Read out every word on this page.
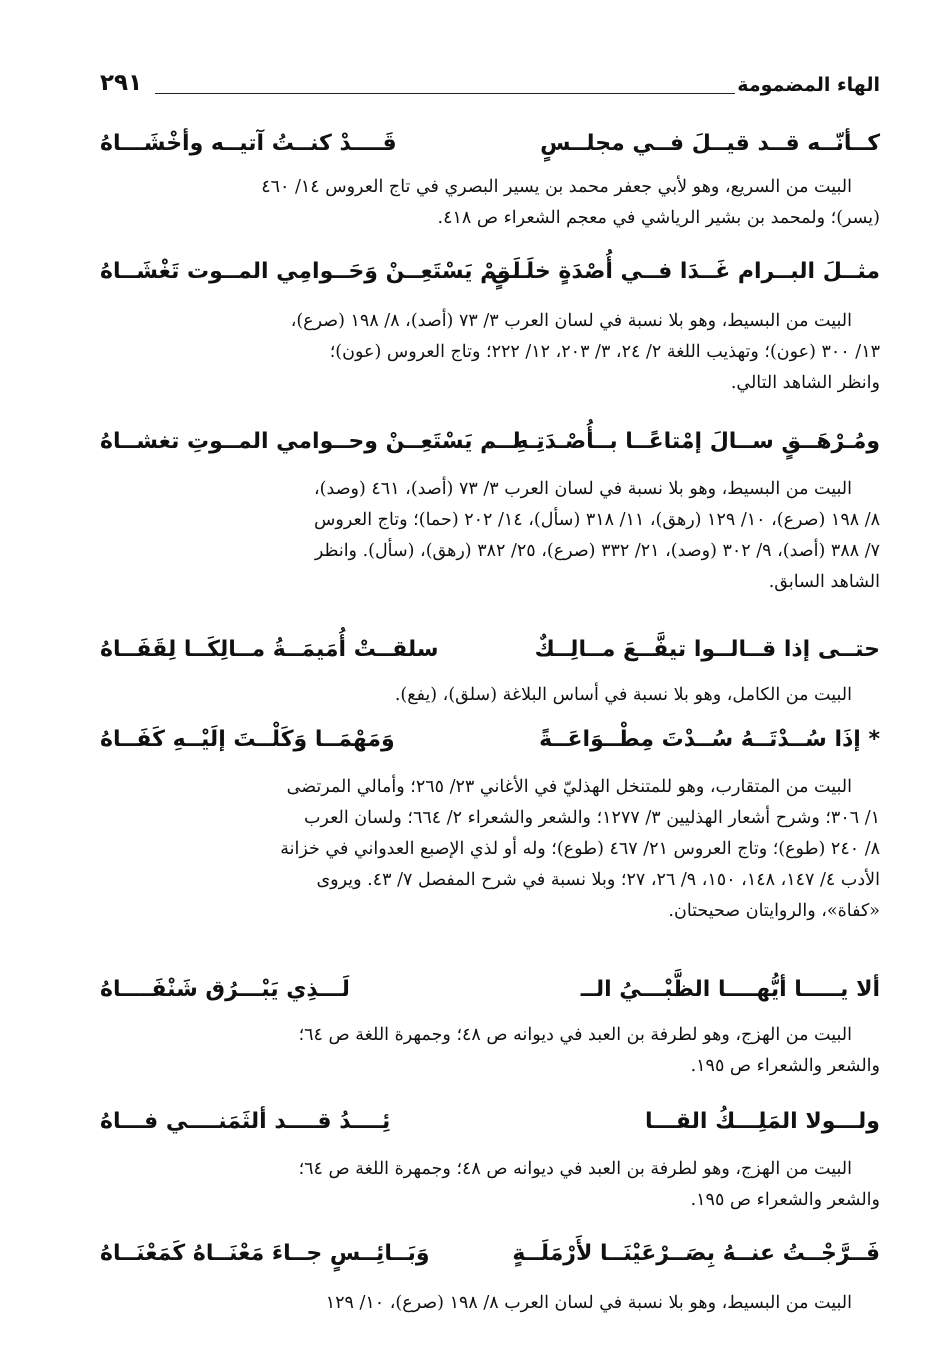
الهاء المضمومة
٢٩١
كــأنّــه قــد قيــلَ فــي مجلــسٍ
قَــــدْ كنــتُ آتيــه وأخْشَـــاهُ
البيت من السريع، وهو لأبي جعفر محمد بن يسير البصري في تاج العروس ١٤/ ٤٦٠
(يسر)؛ ولمحمد بن بشير الرياشي في معجم الشعراء ص ٤١٨.
مثــلَ البــرام غَــدَا فــي أُصْدَةٍ خلَــقٍ
لَــمْ يَسْتَعِــنْ وَحَــوامِي المــوت تَغْشَــاهُ
البيت من البسيط، وهو بلا نسبة في لسان العرب ٣/ ٧٣ (أصد)، ٨/ ١٩٨ (صرع)،
١٣/ ٣٠٠ (عون)؛ وتهذيب اللغة ٢/ ٢٤، ٣/ ٢٠٣، ١٢/ ٢٢٢؛ وتاج العروس (عون)؛
وانظر الشاهد التالي.
ومُـرْهَــقٍ ســالَ إمْتاعًــا بــأُصْـدَتِـهِ
لــم يَسْتَعِــنْ وحــوامي المــوتِ تغشــاهُ
البيت من البسيط، وهو بلا نسبة في لسان العرب ٣/ ٧٣ (أصد)، ٤٦١ (وصد)،
٨/ ١٩٨ (صرع)، ١٠/ ١٢٩ (رهق)، ١١/ ٣١٨ (سأل)، ١٤/ ٢٠٢ (حما)؛ وتاج العروس
٧/ ٣٨٨ (أصد)، ٩/ ٣٠٢ (وصد)، ٢١/ ٣٣٢ (صرع)، ٢٥/ ٣٨٢ (رهق)، (سأل). وانظر
الشاهد السابق.
حتــى إذا قــالــوا تيفَّــعَ مــالِــكٌ
سلقــتْ أُمَيمَــةُ مــالِكَــا لِقَفَــاهُ
البيت من الكامل، وهو بلا نسبة في أساس البلاغة (سلق)، (يفع).
* إذَا سُــدْتَــهُ سُــدْتَ مِطْــوَاعَــةً
وَمَهْمَــا وَكَلْــتَ إلَيْــهِ كَفَــاهُ
البيت من المتقارب، وهو للمتنخل الهذليّ في الأغاني ٢٣/ ٢٦٥؛ وأمالي المرتضى
١/ ٣٠٦؛ وشرح أشعار الهذليين ٣/ ١٢٧٧؛ والشعر والشعراء ٢/ ٦٦٤؛ ولسان العرب
٨/ ٢٤٠ (طوع)؛ وتاج العروس ٢١/ ٤٦٧ (طوع)؛ وله أو لذي الإصبع العدواني في خزانة
الأدب ٤/ ١٤٧، ١٤٨، ١٥٠، ٩/ ٢٦، ٢٧؛ وبلا نسبة في شرح المفصل ٧/ ٤٣. ويروى
«كفاة»، والروايتان صحيحتان.
ألا يـــــا أيُّهــــا الظَّبْـــيُ الــ
لَـــذِي يَبْـــرُق شَنْفَــــاهُ
البيت من الهزج، وهو لطرفة بن العبد في ديوانه ص ٤٨؛ وجمهرة اللغة ص ٦٤؛
والشعر والشعراء ص ١٩٥.
ولـــولا المَلِـــكُ القـــا
ئِــــدُ قــــد ألثَمَنــــي فـــاهُ
البيت من الهزج، وهو لطرفة بن العبد في ديوانه ص ٤٨؛ وجمهرة اللغة ص ٦٤؛
والشعر والشعراء ص ١٩٥.
فَــرَّجْــتُ عنــهُ بِصَــرْعَيْنَــا لأَرْمَلَــةٍ
وَبَــائِــسٍ جــاءَ مَعْنَــاهُ كَمَعْنَــاهُ
البيت من البسيط، وهو بلا نسبة في لسان العرب ٨/ ١٩٨ (صرع)، ١٠/ ١٢٩
